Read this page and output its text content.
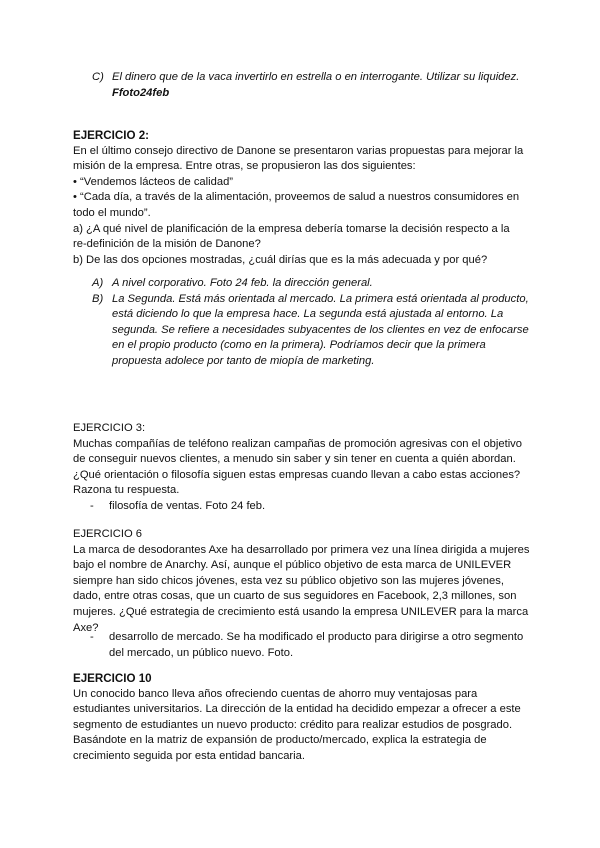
C) El dinero que de la vaca invertirlo en estrella o en interrogante. Utilizar su liquidez.
Ffoto24feb
EJERCICIO 2:
En el último consejo directivo de Danone se presentaron varias propuestas para mejorar la
misión de la empresa. Entre otras, se propusieron las dos siguientes:
• “Vendemos lácteos de calidad”
• “Cada día, a través de la alimentación, proveemos de salud a nuestros consumidores en
todo el mundo”.
a) ¿A qué nivel de planificación de la empresa debería tomarse la decisión respecto a la
re-definición de la misión de Danone?
b) De las dos opciones mostradas, ¿cuál dirías que es la más adecuada y por qué?
A) A nivel corporativo. Foto 24 feb. la dirección general.
B) La Segunda. Está más orientada al mercado. La primera está orientada al producto,
está diciendo lo que la empresa hace. La segunda está ajustada al entorno. La
segunda. Se refiere a necesidades subyacentes de los clientes en vez de enfocarse
en el propio producto (como en la primera). Podríamos decir que la primera
propuesta adolece por tanto de miopía de marketing.
EJERCICIO 3:
Muchas compañías de teléfono realizan campañas de promoción agresivas con el objetivo
de conseguir nuevos clientes, a menudo sin saber y sin tener en cuenta a quién abordan.
¿Qué orientación o filosofía siguen estas empresas cuando llevan a cabo estas acciones?
Razona tu respuesta.
- filosofía de ventas. Foto 24 feb.
EJERCICIO 6
La marca de desodorantes Axe ha desarrollado por primera vez una línea dirigida a mujeres
bajo el nombre de Anarchy. Así, aunque el público objetivo de esta marca de UNILEVER
siempre han sido chicos jóvenes, esta vez su público objetivo son las mujeres jóvenes,
dado, entre otras cosas, que un cuarto de sus seguidores en Facebook, 2,3 millones, son
mujeres. ¿Qué estrategia de crecimiento está usando la empresa UNILEVER para la marca
Axe?
- desarrollo de mercado. Se ha modificado el producto para dirigirse a otro segmento
del mercado, un público nuevo. Foto.
EJERCICIO 10
Un conocido banco lleva años ofreciendo cuentas de ahorro muy ventajosas para
estudiantes universitarios. La dirección de la entidad ha decidido empezar a ofrecer a este
segmento de estudiantes un nuevo producto: crédito para realizar estudios de posgrado.
Basándote en la matriz de expansión de producto/mercado, explica la estrategia de
crecimiento seguida por esta entidad bancaria.
